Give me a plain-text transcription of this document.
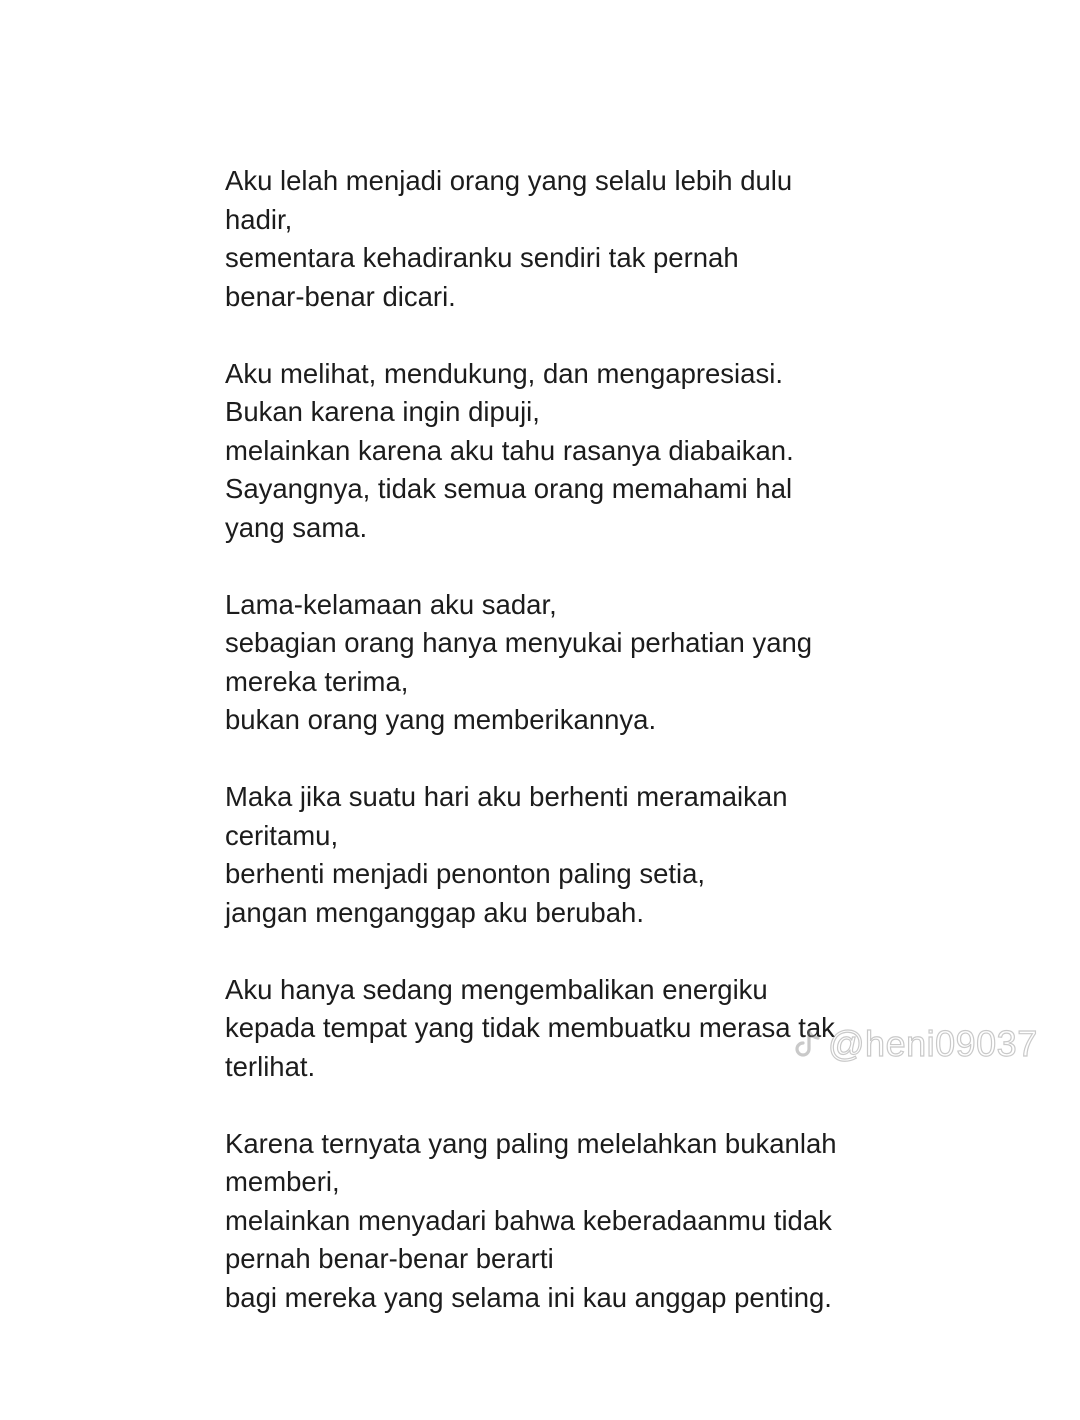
Aku lelah menjadi orang yang selalu lebih dulu
hadir,
sementara kehadiranku sendiri tak pernah
benar-benar dicari.
Aku melihat, mendukung, dan mengapresiasi.
Bukan karena ingin dipuji,
melainkan karena aku tahu rasanya diabaikan.
Sayangnya, tidak semua orang memahami hal
yang sama.
Lama-kelamaan aku sadar,
sebagian orang hanya menyukai perhatian yang
mereka terima,
bukan orang yang memberikannya.
Maka jika suatu hari aku berhenti meramaikan
ceritamu,
berhenti menjadi penonton paling setia,
jangan menganggap aku berubah.
Aku hanya sedang mengembalikan energiku
kepada tempat yang tidak membuatku merasa tak
terlihat.
Karena ternyata yang paling melelahkan bukanlah
memberi,
melainkan menyadari bahwa keberadaanmu tidak
pernah benar-benar berarti
bagi mereka yang selama ini kau anggap penting.
@heni09037
